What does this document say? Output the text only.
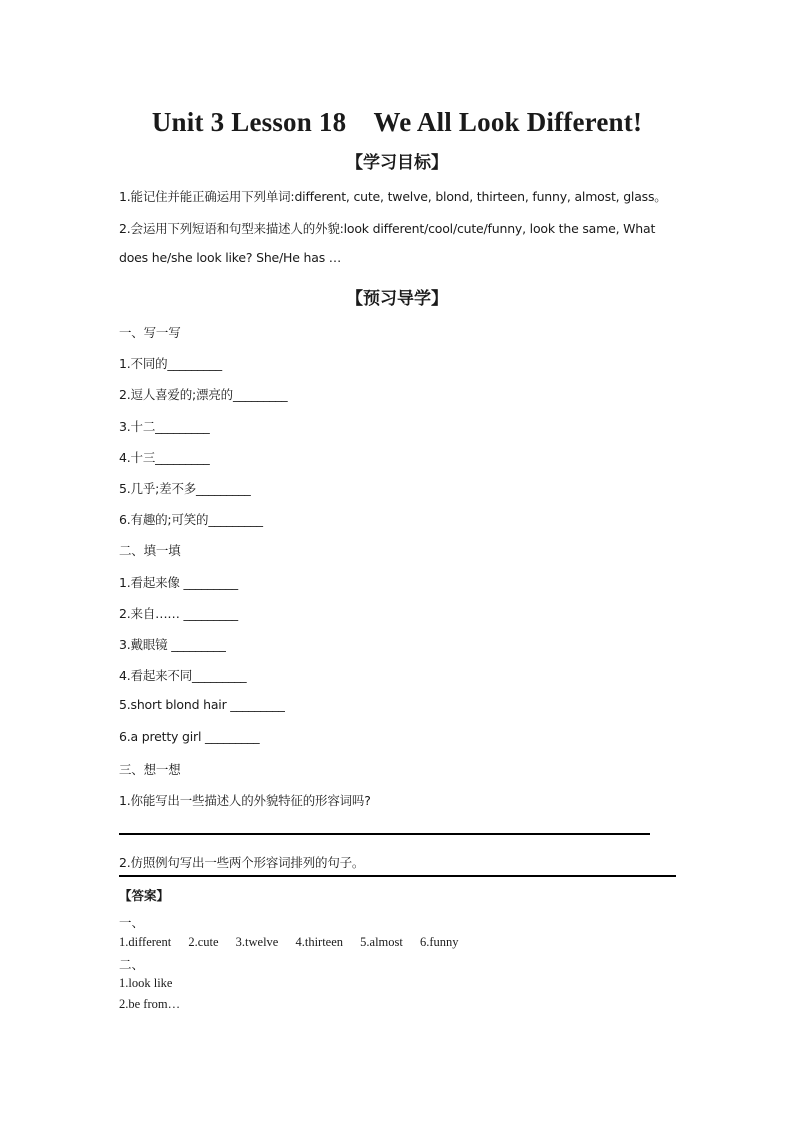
Unit 3 Lesson 18　We All Look Different!
【学习目标】
1.能记住并能正确运用下列单词:different, cute, twelve, blond, thirteen, funny, almost, glass。
2.会运用下列短语和句型来描述人的外貌:look different/cool/cute/funny, look the same, What
does he/she look like? She/He has …
【预习导学】
一、写一写
1.不同的_________
2.逗人喜爱的;漂亮的_________
3.十二_________
4.十三_________
5.几乎;差不多_________
6.有趣的;可笑的_________
二、填一填
1.看起来像 _________
2.来自…… _________
3.戴眼镜 _________
4.看起来不同_________
5.short blond hair _________
6.a pretty girl _________
三、想一想
1.你能写出一些描述人的外貌特征的形容词吗?
2.仿照例句写出一些两个形容词排列的句子。
【答案】
一、
1.different 2.cute 3.twelve 4.thirteen 5.almost 6.funny
二、
1.look like
2.be from…
